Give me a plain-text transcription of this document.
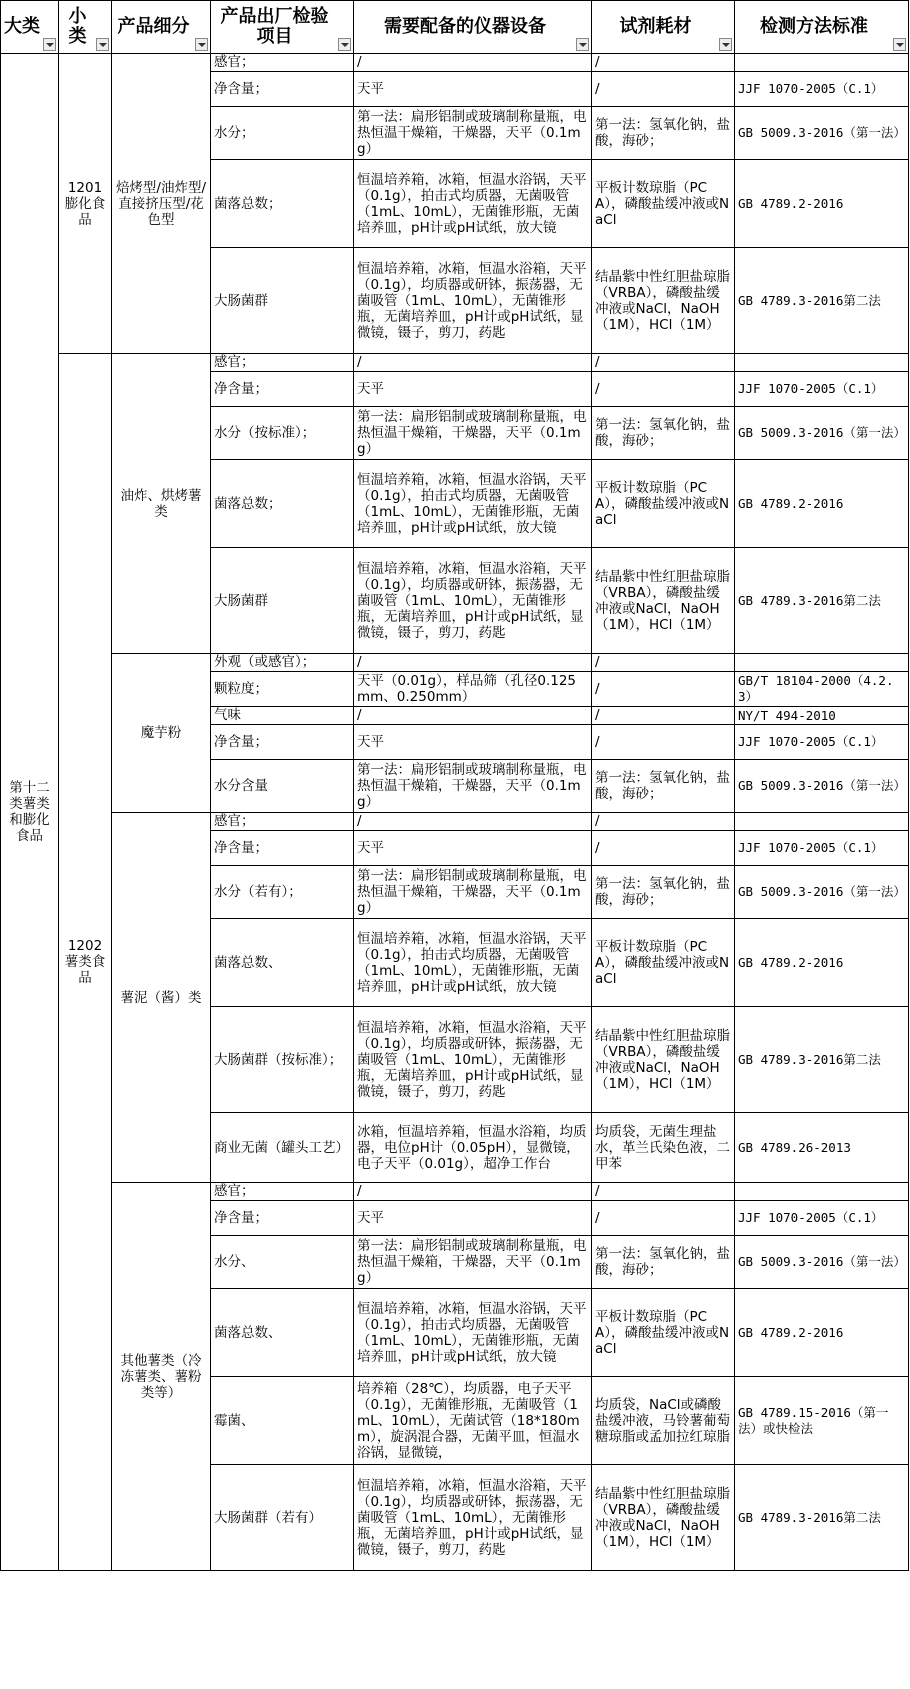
大类	小类	产品细分	产品出厂检验项目	需要配备的仪器设备	试剂耗材	检测方法标准

第十二类薯类和膨化食品	1201膨化食品	焙烤型/油炸型/直接挤压型/花色型	感官；	/	/	
			净含量；	天平	/	JJF 1070-2005（C.1）
			水分；	第一法：扁形铝制或玻璃制称量瓶，电热恒温干燥箱，干燥器，天平（0.1mg）	第一法：氢氧化钠，盐酸，海砂；	GB 5009.3-2016（第一法）
			菌落总数；	恒温培养箱，冰箱，恒温水浴锅，天平（0.1g），拍击式均质器，无菌吸管（1mL、10mL），无菌锥形瓶，无菌培养皿，pH计或pH试纸，放大镜	平板计数琼脂（PCA），磷酸盐缓冲液或NaCl	GB 4789.2-2016
			大肠菌群	恒温培养箱，冰箱，恒温水浴箱，天平（0.1g），均质器或研钵，振荡器，无菌吸管（1mL、10mL），无菌锥形瓶，无菌培养皿，pH计或pH试纸，显微镜，镊子，剪刀，药匙	结晶紫中性红胆盐琼脂（VRBA），磷酸盐缓冲液或NaCl，NaOH（1M），HCl（1M）	GB 4789.3-2016第二法
	1202薯类食品	油炸、烘烤薯类	感官；	/	/	
			净含量；	天平	/	JJF 1070-2005（C.1）
			水分（按标准）；	第一法：扁形铝制或玻璃制称量瓶，电热恒温干燥箱，干燥器，天平（0.1mg）	第一法：氢氧化钠，盐酸，海砂；	GB 5009.3-2016（第一法）
			菌落总数；	恒温培养箱，冰箱，恒温水浴锅，天平（0.1g），拍击式均质器，无菌吸管（1mL、10mL），无菌锥形瓶，无菌培养皿，pH计或pH试纸，放大镜	平板计数琼脂（PCA），磷酸盐缓冲液或NaCl	GB 4789.2-2016
			大肠菌群	恒温培养箱，冰箱，恒温水浴箱，天平（0.1g），均质器或研钵，振荡器，无菌吸管（1mL、10mL），无菌锥形瓶，无菌培养皿，pH计或pH试纸，显微镜，镊子，剪刀，药匙	结晶紫中性红胆盐琼脂（VRBA），磷酸盐缓冲液或NaCl，NaOH（1M），HCl（1M）	GB 4789.3-2016第二法
		魔芋粉	外观（或感官）；	/	/	
			颗粒度；	天平（0.01g），样品筛（孔径0.125mm、0.250mm）	/	GB/T 18104-2000（4.2.3）
			气味	/	/	NY/T 494-2010
			净含量；	天平	/	JJF 1070-2005（C.1）
			水分含量	第一法：扁形铝制或玻璃制称量瓶，电热恒温干燥箱，干燥器，天平（0.1mg）	第一法：氢氧化钠，盐酸，海砂；	GB 5009.3-2016（第一法）
		薯泥（酱）类	感官；	/	/	
			净含量；	天平	/	JJF 1070-2005（C.1）
			水分（若有）；	第一法：扁形铝制或玻璃制称量瓶，电热恒温干燥箱，干燥器，天平（0.1mg）	第一法：氢氧化钠，盐酸，海砂；	GB 5009.3-2016（第一法）
			菌落总数、	恒温培养箱，冰箱，恒温水浴锅，天平（0.1g），拍击式均质器，无菌吸管（1mL、10mL），无菌锥形瓶，无菌培养皿，pH计或pH试纸，放大镜	平板计数琼脂（PCA），磷酸盐缓冲液或NaCl	GB 4789.2-2016
			大肠菌群（按标准）；	恒温培养箱，冰箱，恒温水浴箱，天平（0.1g），均质器或研钵，振荡器，无菌吸管（1mL、10mL），无菌锥形瓶，无菌培养皿，pH计或pH试纸，显微镜，镊子，剪刀，药匙	结晶紫中性红胆盐琼脂（VRBA），磷酸盐缓冲液或NaCl，NaOH（1M），HCl（1M）	GB 4789.3-2016第二法
			商业无菌（罐头工艺）	冰箱，恒温培养箱，恒温水浴箱，均质器，电位pH计（0.05pH），显微镜，电子天平（0.01g），超净工作台	均质袋，无菌生理盐水，革兰氏染色液，二甲苯	GB 4789.26-2013
		其他薯类（冷冻薯类、薯粉类等）	感官；	/	/	
			净含量；	天平	/	JJF 1070-2005（C.1）
			水分、	第一法：扁形铝制或玻璃制称量瓶，电热恒温干燥箱，干燥器，天平（0.1mg）	第一法：氢氧化钠，盐酸，海砂；	GB 5009.3-2016（第一法）
			菌落总数、	恒温培养箱，冰箱，恒温水浴锅，天平（0.1g），拍击式均质器，无菌吸管（1mL、10mL），无菌锥形瓶，无菌培养皿，pH计或pH试纸，放大镜	平板计数琼脂（PCA），磷酸盐缓冲液或NaCl	GB 4789.2-2016
			霉菌、	培养箱（28℃），均质器，电子天平（0.1g），无菌锥形瓶，无菌吸管（1mL、10mL），无菌试管（18*180mm），旋涡混合器，无菌平皿，恒温水浴锅，显微镜，	均质袋，NaCl或磷酸盐缓冲液，马铃薯葡萄糖琼脂或孟加拉红琼脂	GB 4789.15-2016（第一法）或快检法
			大肠菌群（若有）	恒温培养箱，冰箱，恒温水浴箱，天平（0.1g），均质器或研钵，振荡器，无菌吸管（1mL、10mL），无菌锥形瓶，无菌培养皿，pH计或pH试纸，显微镜，镊子，剪刀，药匙	结晶紫中性红胆盐琼脂（VRBA），磷酸盐缓冲液或NaCl，NaOH（1M），HCl（1M）	GB 4789.3-2016第二法
